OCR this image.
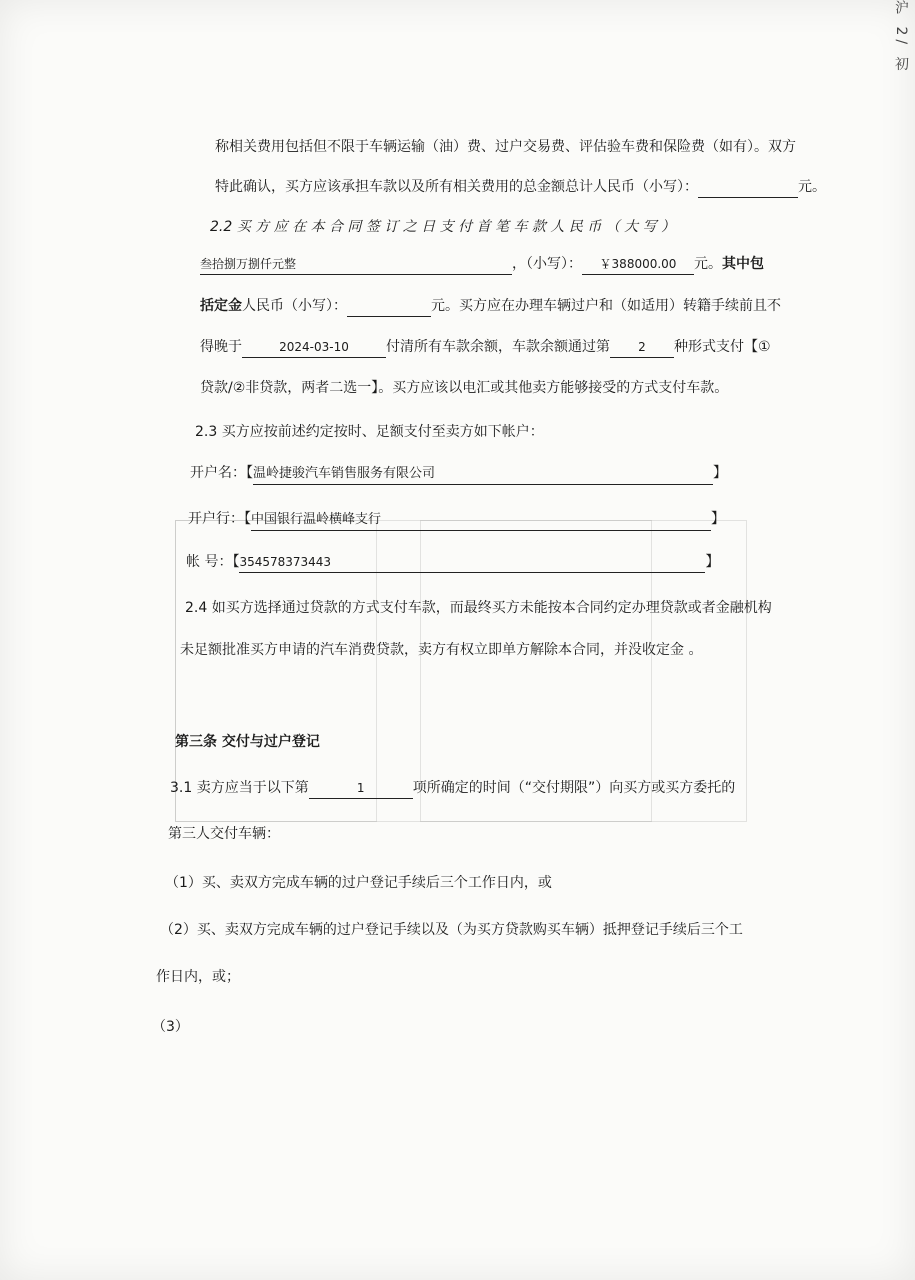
沪 2/ 初
称相关费用包括但不限于车辆运输（油）费、过户交易费、评估验车费和保险费（如有）。双方
特此确认，买方应该承担车款以及所有相关费用的总金额总计人民币（小写）：	元。
2.2 买 方 应 在 本 合 同 签 订 之 日 支 付 首 笔 车 款 人 民 币 （ 大 写 ）
叁拾捌万捌仟元整	，（小写）： ￥388000.00 元。其中包
括定金人民币（小写）：	元。买方应在办理车辆过户和（如适用）转籍手续前且不
得晚于	2024-03-10	付清所有车款余额，车款余额通过第 2 种形式支付【①
贷款/②非贷款，两者二选一】。买方应该以电汇或其他卖方能够接受的方式支付车款。
2.3 买方应按前述约定按时、足额支付至卖方如下帐户：
开户名：【温岭捷骏汽车销售服务有限公司	】
开户行：【中国银行温岭横峰支行	】
帐 号：【354578373443	】
2.4 如买方选择通过贷款的方式支付车款，而最终买方未能按本合同约定办理贷款或者金融机构
未足额批准买方申请的汽车消费贷款，卖方有权立即单方解除本合同，并没收定金 。
第三条 交付与过户登记
3.1 卖方应当于以下第	1	项所确定的时间（“交付期限”）向买方或买方委托的
第三人交付车辆：
（1）买、卖双方完成车辆的过户登记手续后三个工作日内，或
（2）买、卖双方完成车辆的过户登记手续以及（为买方贷款购买车辆）抵押登记手续后三个工
作日内，或；
（3）
